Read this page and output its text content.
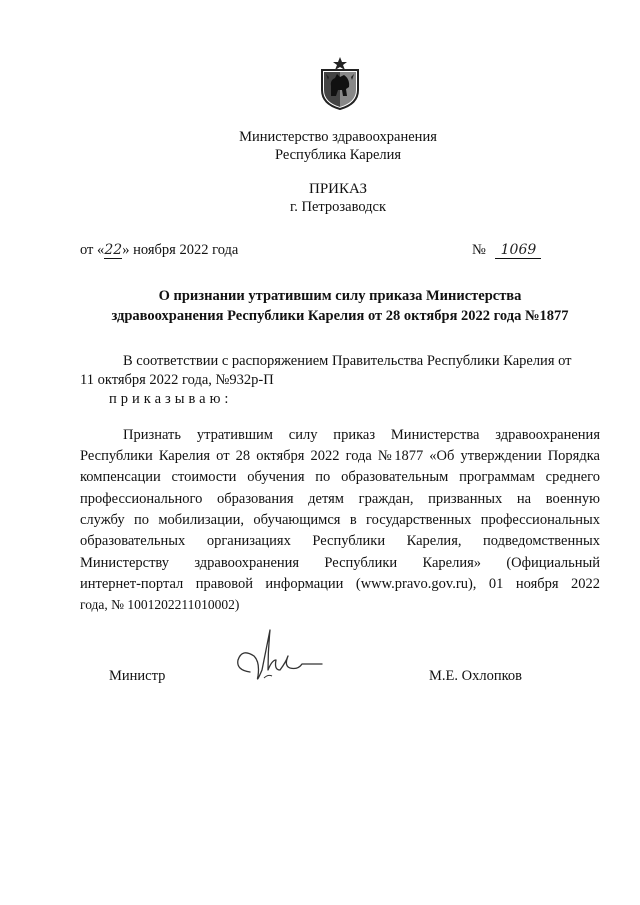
Министерство здравоохранения
Республика Карелия
ПРИКАЗ
г. Петрозаводск
от «22» ноября 2022 года	№ 1069
О признании утратившим силу приказа Министерства
здравоохранения Республики Карелия от 28 октября 2022 года №1877
В соответствии с распоряжением Правительства Республики Карелия от
11 октября 2022 года, №932р-П
приказываю:
Признать утратившим силу приказ Министерства здравоохранения
Республики Карелия от 28 октября 2022 года №1877 «Об утверждении Порядка
компенсации стоимости обучения по образовательным программам среднего
профессионального образования детям граждан, призванных на военную
службу по мобилизации, обучающимся в государственных профессиональных
образовательных организациях Республики Карелия, подведомственных
Министерству здравоохранения Республики Карелия» (Официальный
интернет-портал правовой информации (www.pravo.gov.ru), 01 ноября 2022
года, № 1001202211010002)
Министр	М.Е. Охлопков
